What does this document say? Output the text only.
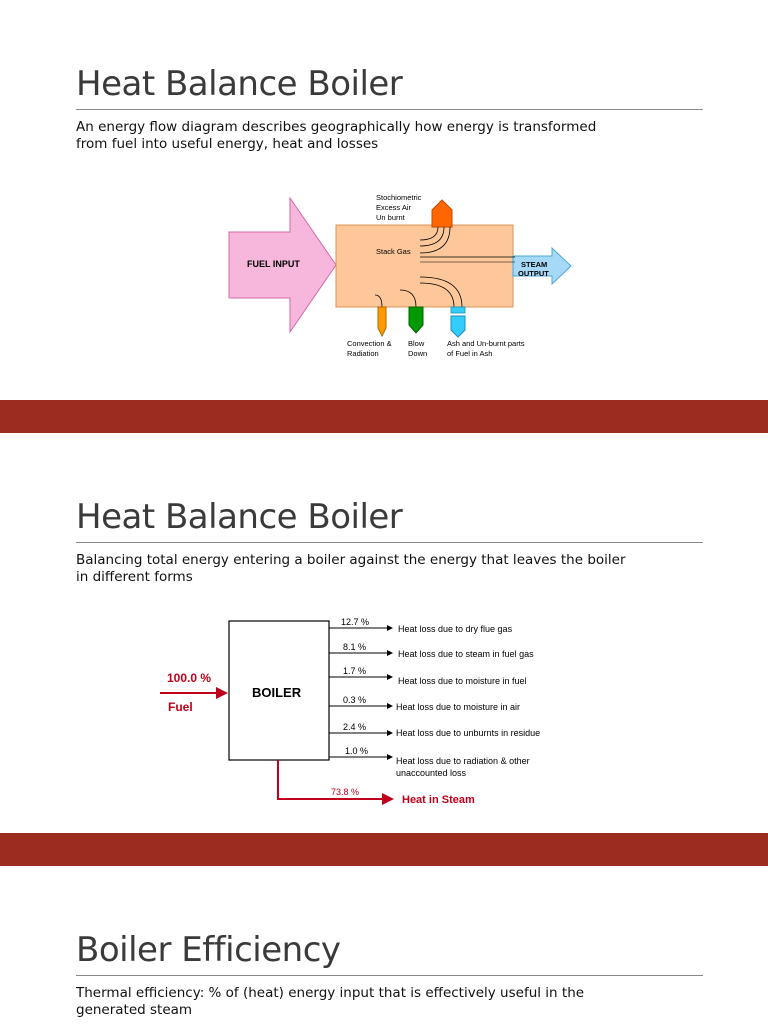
Heat Balance Boiler
An energy flow diagram describes geographically how energy is transformed
from fuel into useful energy, heat and losses
FUEL INPUT	STEAM
OUTPUT
Stochiometric
Excess Air
Un burnt
Stack Gas
Convection &
Radiation
Blow
Down
Ash and Un-burnt parts
of Fuel in Ash
Heat Balance Boiler
Balancing total energy entering a boiler against the energy that leaves the boiler
in different forms
100.0 %
Fuel
BOILER
12.7 %
Heat loss due to dry flue gas
8.1 %
Heat loss due to steam in fuel gas
1.7 %
Heat loss due to moisture in fuel
0.3 %
Heat loss due to moisture in air
2.4 %
Heat loss due to unburnts in residue
1.0 %
Heat loss due to radiation & other
unaccounted loss
73.8 %
Heat in Steam
Boiler Efficiency
Thermal efficiency: % of (heat) energy input that is effectively useful in the
generated steam
